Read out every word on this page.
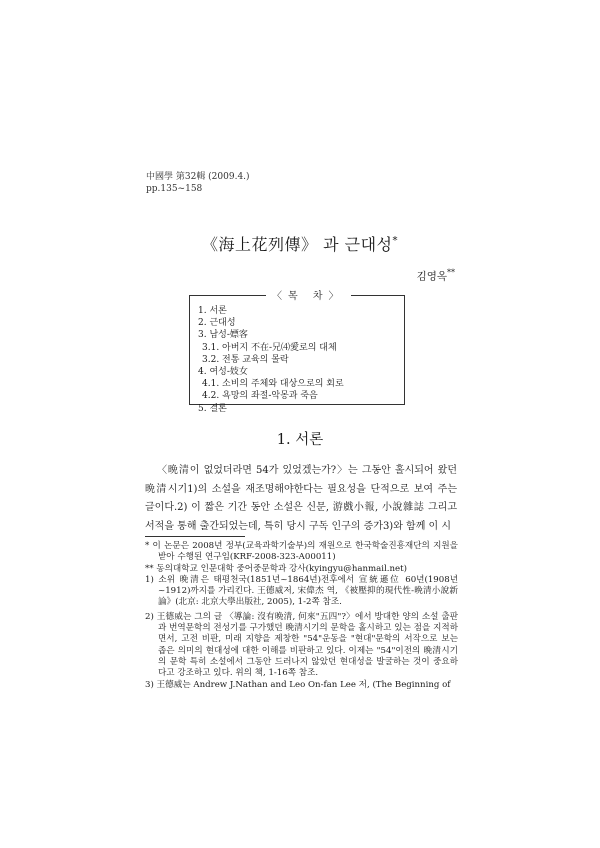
中國學 第32輯 (2009.4.)
pp.135~158
《海上花列傳》 과 근대성*
김영옥**
〈목 차〉
1. 서론
2. 근대성
3. 남성-嫖客
3.1. 아버지 不在-兄⑷愛로의 대체
3.2. 전통 교육의 몰락
4. 여성-妓女
4.1. 소비의 주체와 대상으로의 회로
4.2. 욕망의 좌절-악몽과 죽음
5. 결론
1. 서론

〈晩清이 없었더라면 54가 있었겠는가?〉는 그동안 홀시되어 왔던 晩清시기1)의 소설을 재조명해야한다는 필요성을 단적으로 보여 주는 글이다.2) 이 짧은 기간 동안 소설은 신문, 游戲小報, 小說雜誌 그리고 서적을 통해 출간되었는데, 특히 당시 구독 인구의 증가3)와 함께 이 시

* 이 논문은 2008년 정부(교육과학기술부)의 재원으로 한국학술진흥재단의 지원을 받아 수행된 연구임(KRF-2008-323-A00011)

** 동의대학교 인문대학 중어중문학과 강사(kyingyu@hanmail.net)

1) 소위 晩清은 태평천국(1851년~1864년)전후에서 宣統遜位 60년(1908년~1912)까지를 가리킨다. 王德威저, 宋偉杰 역, 《被壓抑的現代性-晩清小說新論》(北京: 北京大學出版社, 2005), 1-2쪽 참조.

2) 王德威는 그의 글 〈導論: 沒有晩清, 何來"五四"?〉에서 방대한 양의 소설 출판과 번역문학의 전성기를 구가했던 晩清시기의 문학을 홀시하고 있는 점을 지적하면서, 고전 비판, 미래 지향을 제창한 "54"운동을 "현대"문학의 서작으로 보는 좁은 의미의 현대성에 대한 이해를 비판하고 있다. 이제는 "54"이전의 晩清시기의 문학 특히 소설에서 그동안 드러나지 않았던 현대성을 발굴하는 것이 중요하다고 강조하고 있다. 위의 책, 1-16쪽 참조.

3) 王德威는 Andrew J.Nathan and Leo On-fan Lee 저, (The Beginning of
